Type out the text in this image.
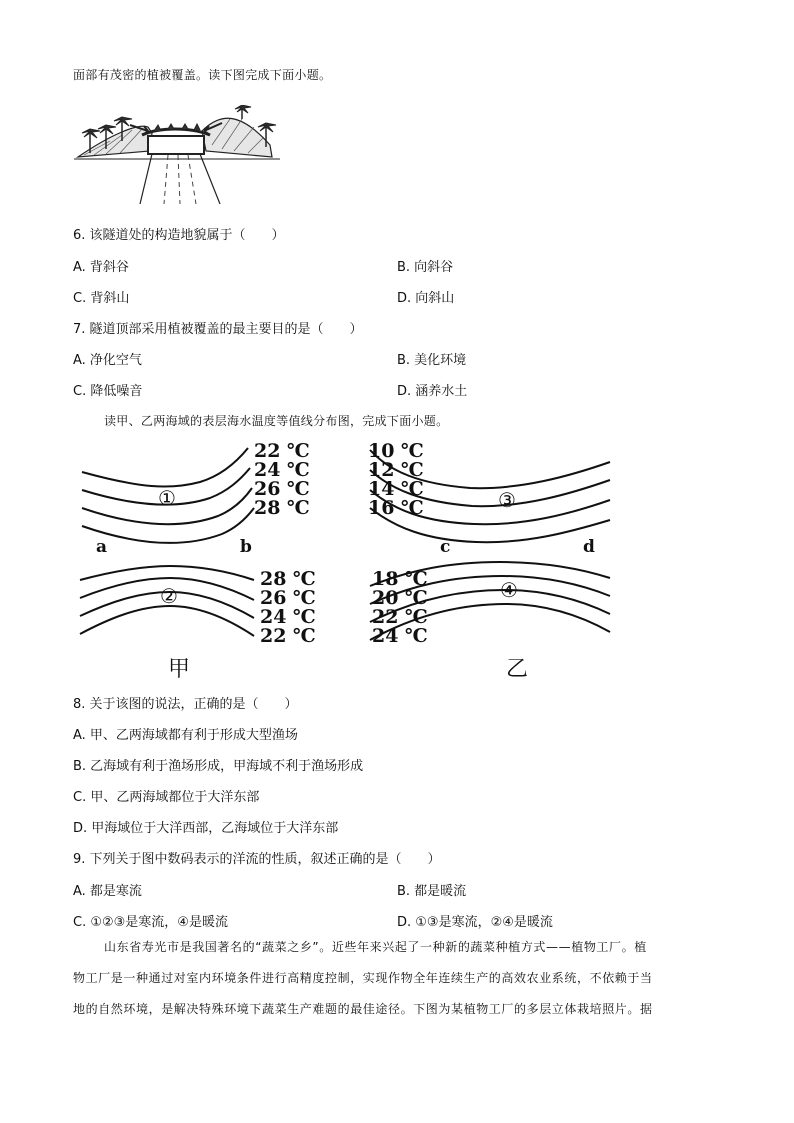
面部有茂密的植被覆盖。读下图完成下面小题。
6. 该隧道处的构造地貌属于（　　）
A. 背斜谷	B. 向斜谷
C. 背斜山	D. 向斜山
7. 隧道顶部采用植被覆盖的最主要目的是（　　）
A. 净化空气	B. 美化环境
C. 降低噪音	D. 涵养水土
读甲、乙两海域的表层海水温度等值线分布图，完成下面小题。
22 ℃
24 ℃
26 ℃
28 ℃
28 ℃
26 ℃
24 ℃
22 ℃
10 ℃
12 ℃
14 ℃
16 ℃
18 ℃
20 ℃
22 ℃
24 ℃
①
②
③
④
a	b	c	d
甲	乙
8. 关于该图的说法，正确的是（　　）
A. 甲、乙两海域都有利于形成大型渔场
B. 乙海域有利于渔场形成，甲海域不利于渔场形成
C. 甲、乙两海域都位于大洋东部
D. 甲海域位于大洋西部，乙海域位于大洋东部
9. 下列关于图中数码表示的洋流的性质，叙述正确的是（　　）
A. 都是寒流	B. 都是暖流
C. ①②③是寒流，④是暖流	D. ①③是寒流，②④是暖流
山东省寿光市是我国著名的“蔬菜之乡”。近些年来兴起了一种新的蔬菜种植方式——植物工厂。植
物工厂是一种通过对室内环境条件进行高精度控制，实现作物全年连续生产的高效农业系统，不依赖于当
地的自然环境，是解决特殊环境下蔬菜生产难题的最佳途径。下图为某植物工厂的多层立体栽培照片。据
